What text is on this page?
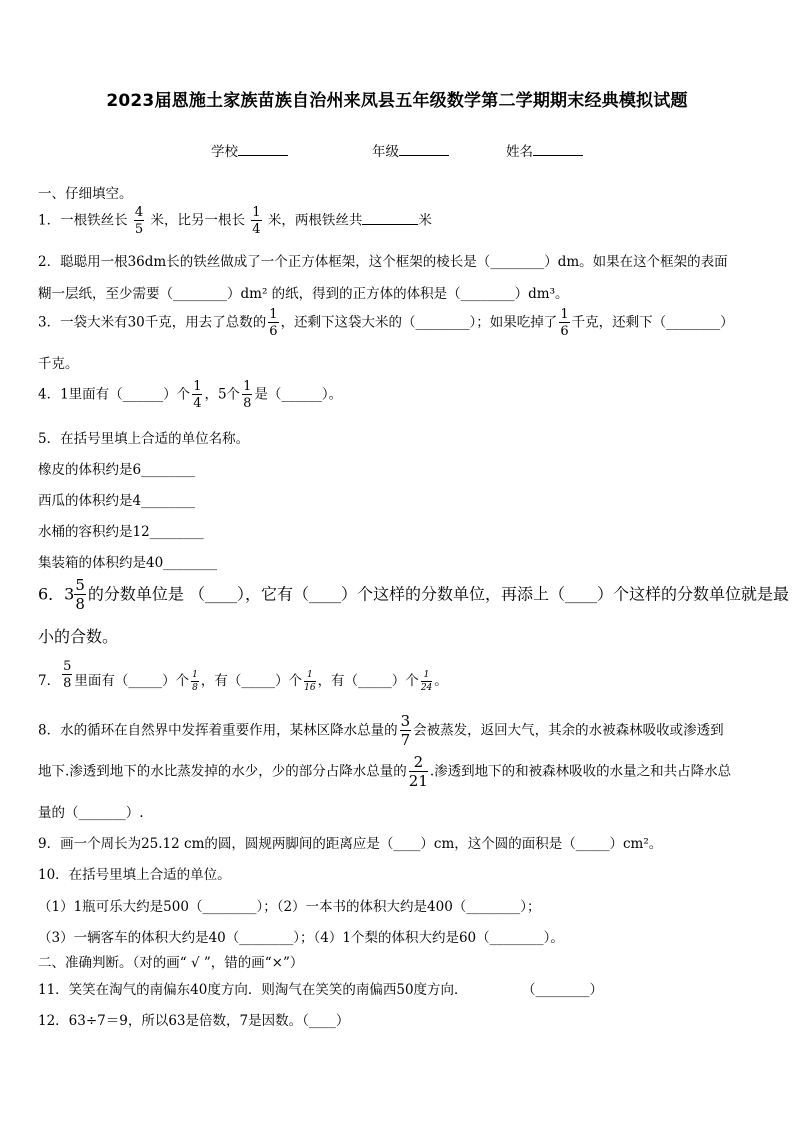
2023届恩施土家族苗族自治州来凤县五年级数学第二学期期末经典模拟试题
学校	年级	姓名
一、仔细填空。
1．一根铁丝长 $\frac{4}{5}$ 米，比另一根长 $\frac{1}{4}$ 米，两根铁丝共	米
2．聪聪用一根36dm长的铁丝做成了一个正方体框架，这个框架的棱长是（________）dm。如果在这个框架的表面
糊一层纸，至少需要（________）dm² 的纸，得到的正方体的体积是（________）dm³。
3．一袋大米有30千克，用去了总数的 $\frac{1}{6}$ ，还剩下这袋大米的（________）；如果吃掉了 $\frac{1}{6}$ 千克，还剩下（________）
千克。
4．1里面有（______）个 $\frac{1}{4}$ ，5个 $\frac{1}{8}$ 是（______）。
5．在括号里填上合适的单位名称。
橡皮的体积约是6________
西瓜的体积约是4________
水桶的容积约是12________
集装箱的体积约是40________
6．$3 \frac{5}{8}$ 的分数单位是 （____），它有（____）个这样的分数单位，再添上（____）个这样的分数单位就是最
小的合数。
7． $\frac{5}{8}$ 里面有（_____）个 $\frac{1}{8}$ ，有（_____）个 $\frac{1}{16}$ ，有（_____）个 $\frac{1}{24}$ 。
8．水的循环在自然界中发挥着重要作用，某林区降水总量的 $\frac{3}{7}$ 会被蒸发，返回大气，其余的水被森林吸收或渗透到
地下.渗透到地下的水比蒸发掉的水少，少的部分占降水总量的 $\frac{2}{21}$ .渗透到地下的和被森林吸收的水量之和共占降水总
量的（_______）.
9．画一个周长为25.12 cm的圆，圆规两脚间的距离应是（____）cm，这个圆的面积是（_____）cm²。
10．在括号里填上合适的单位。
（1）1瓶可乐大约是500（________）；（2）一本书的体积大约是400（________）；
（3）一辆客车的体积大约是40（________）；（4）1个梨的体积大约是60（________）。
二、准确判断。（对的画“ √ ”，错的画“×”）
11．笑笑在淘气的南偏东40度方向．则淘气在笑笑的南偏西50度方向．	（________）
12．63÷7＝9，所以63是倍数，7是因数。（____）
